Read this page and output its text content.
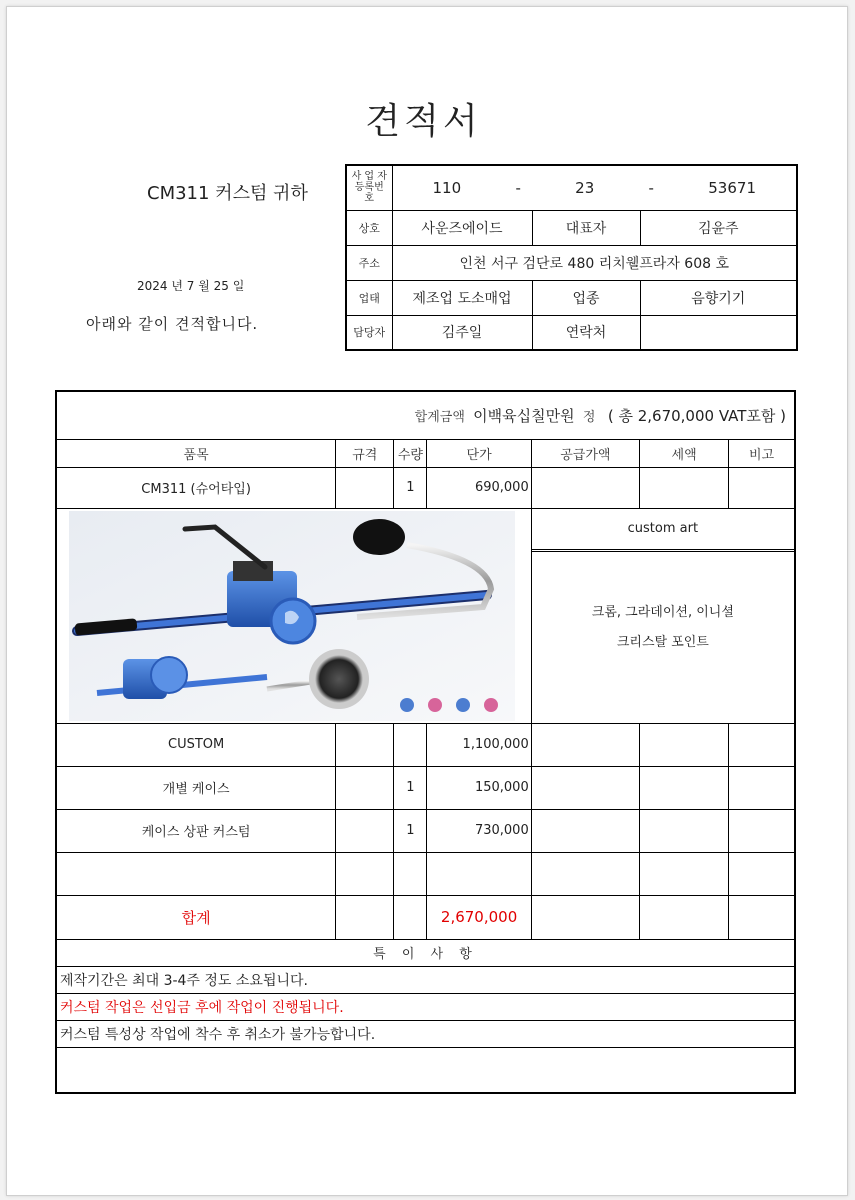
견적서
CM311 커스텀 귀하
2024 년 7 월 25 일
아래와 같이 견적합니다.
사 업 자
등록번
호	110 - 23 - 53671		

상호	사운즈에이드	대표자	김윤주
주소	인천 서구 검단로 480 리치웰프라자 608 호		
업태	제조업 도소매업	업종	음향기기
담당자	김주일	연락처	
합계금액 이백육십칠만원 정 ( 총 2,670,000 VAT포함 )						
품목	규격	수량	단가	공급가액	세액	비고
CM311 (슈어타입)		1	690,000			

custom art
크롬, 그라데이션, 이니셜
크리스탈 포인트		

CUSTOM			1,100,000			
개별 케이스		1	150,000			
케이스 상판 커스텀		1	730,000			

합계			2,670,000			
특 이 사 항						
제작기간은 최대 3-4주 정도 소요됩니다.						
커스텀 작업은 선입금 후에 작업이 진행됩니다.						
커스텀 특성상 작업에 착수 후 취소가 불가능합니다.						
